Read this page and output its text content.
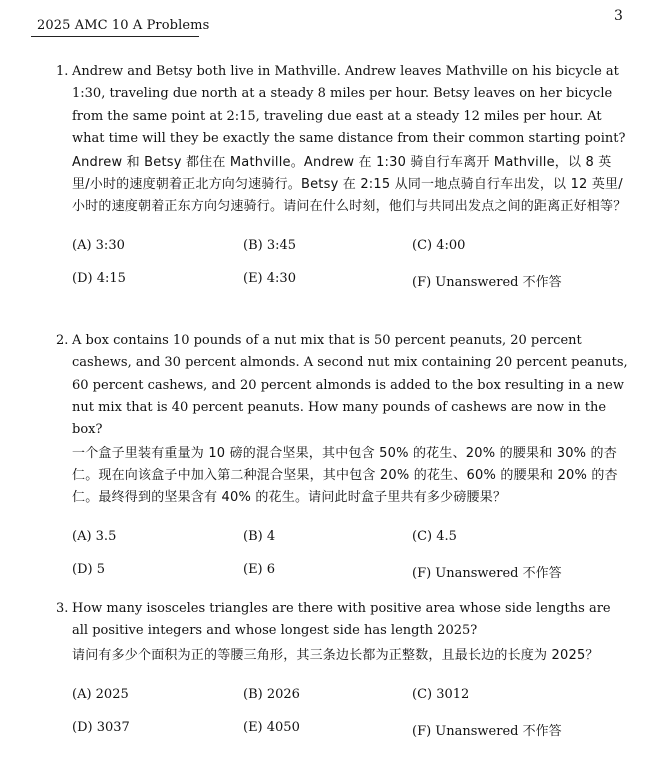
2025 AMC 10 A Problems
3

1. Andrew and Betsy both live in Mathville. Andrew leaves Mathville on his bicycle at 1:30, traveling due north at a steady 8 miles per hour. Betsy leaves on her bicycle from the same point at 2:15, traveling due east at a steady 12 miles per hour. At what time will they be exactly the same distance from their common starting point?

Andrew 和 Betsy 都住在 Mathville。Andrew 在 1:30 骑自行车离开 Mathville，以 8 英里/小时的速度朝着正北方向匀速骑行。Betsy 在 2:15 从同一地点骑自行车出发，以 12 英里/小时的速度朝着正东方向匀速骑行。请问在什么时刻，他们与共同出发点之间的距离正好相等？

(A) 3:30	(B) 3:45	(C) 4:00
(D) 4:15	(E) 4:30	(F) Unanswered 不作答

2. A box contains 10 pounds of a nut mix that is 50 percent peanuts, 20 percent cashews, and 30 percent almonds. A second nut mix containing 20 percent peanuts, 60 percent cashews, and 20 percent almonds is added to the box resulting in a new nut mix that is 40 percent peanuts. How many pounds of cashews are now in the box?

一个盒子里装有重量为 10 磅的混合坚果，其中包含 50% 的花生、20% 的腰果和 30% 的杏仁。现在向该盒子中加入第二种混合坚果，其中包含 20% 的花生、60% 的腰果和 20% 的杏仁。最终得到的坚果含有 40% 的花生。请问此时盒子里共有多少磅腰果？

(A) 3.5	(B) 4	(C) 4.5
(D) 5	(E) 6	(F) Unanswered 不作答

3. How many isosceles triangles are there with positive area whose side lengths are all positive integers and whose longest side has length 2025?

请问有多少个面积为正的等腰三角形，其三条边长都为正整数，且最长边的长度为 2025？

(A) 2025	(B) 2026	(C) 3012
(D) 3037	(E) 4050	(F) Unanswered 不作答
